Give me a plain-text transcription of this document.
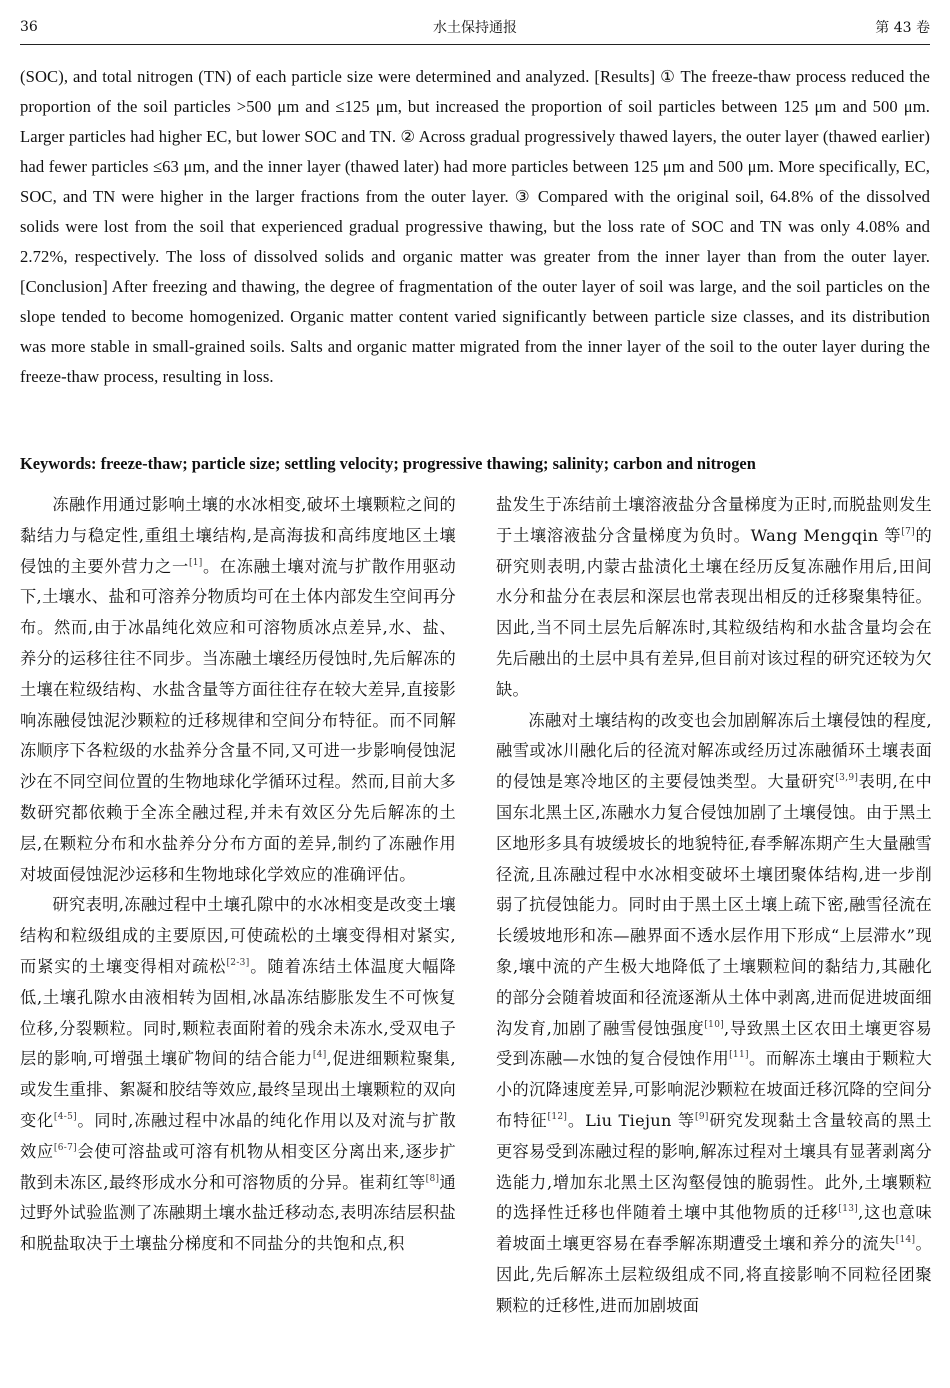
36	水土保持通报	第 43 卷
(SOC), and total nitrogen (TN) of each particle size were determined and analyzed. [Results] ① The freeze-thaw process reduced the proportion of the soil particles >500 μm and ≤125 μm, but increased the proportion of soil particles between 125 μm and 500 μm. Larger particles had higher EC, but lower SOC and TN. ② Across gradual progressively thawed layers, the outer layer (thawed earlier) had fewer particles ≤63 μm, and the inner layer (thawed later) had more particles between 125 μm and 500 μm. More specifically, EC, SOC, and TN were higher in the larger fractions from the outer layer. ③ Compared with the original soil, 64.8% of the dissolved solids were lost from the soil that experienced gradual progressive thawing, but the loss rate of SOC and TN was only 4.08% and 2.72%, respectively. The loss of dissolved solids and organic matter was greater from the inner layer than from the outer layer. [Conclusion] After freezing and thawing, the degree of fragmentation of the outer layer of soil was large, and the soil particles on the slope tended to become homogenized. Organic matter content varied significantly between particle size classes, and its distribution was more stable in small-grained soils. Salts and organic matter migrated from the inner layer of the soil to the outer layer during the freeze-thaw process, resulting in loss.
Keywords: freeze-thaw; particle size; settling velocity; progressive thawing; salinity; carbon and nitrogen

冻融作用通过影响土壤的水冰相变,破坏土壤颗粒之间的黏结力与稳定性,重组土壤结构,是高海拔和高纬度地区土壤侵蚀的主要外营力之一[1]。在冻融土壤对流与扩散作用驱动下,土壤水、盐和可溶养分物质均可在土体内部发生空间再分布。然而,由于冰晶纯化效应和可溶物质冰点差异,水、盐、养分的运移往往不同步。当冻融土壤经历侵蚀时,先后解冻的土壤在粒级结构、水盐含量等方面往往存在较大差异,直接影响冻融侵蚀泥沙颗粒的迁移规律和空间分布特征。而不同解冻顺序下各粒级的水盐养分含量不同,又可进一步影响侵蚀泥沙在不同空间位置的生物地球化学循环过程。然而,目前大多数研究都依赖于全冻全融过程,并未有效区分先后解冻的土层,在颗粒分布和水盐养分分布方面的差异,制约了冻融作用对坡面侵蚀泥沙运移和生物地球化学效应的准确评估。

研究表明,冻融过程中土壤孔隙中的水冰相变是改变土壤结构和粒级组成的主要原因,可使疏松的土壤变得相对紧实,而紧实的土壤变得相对疏松[2-3]。随着冻结土体温度大幅降低,土壤孔隙水由液相转为固相,冰晶冻结膨胀发生不可恢复位移,分裂颗粒。同时,颗粒表面附着的残余未冻水,受双电子层的影响,可增强土壤矿物间的结合能力[4],促进细颗粒聚集,或发生重排、絮凝和胶结等效应,最终呈现出土壤颗粒的双向变化[4-5]。同时,冻融过程中冰晶的纯化作用以及对流与扩散效应[6-7]会使可溶盐或可溶有机物从相变区分离出来,逐步扩散到未冻区,最终形成水分和可溶物质的分异。崔莉红等[8]通过野外试验监测了冻融期土壤水盐迁移动态,表明冻结层积盐和脱盐取决于土壤盐分梯度和不同盐分的共饱和点,积

盐发生于冻结前土壤溶液盐分含量梯度为正时,而脱盐则发生于土壤溶液盐分含量梯度为负时。Wang Mengqin 等[7]的研究则表明,内蒙古盐渍化土壤在经历反复冻融作用后,田间水分和盐分在表层和深层也常表现出相反的迁移聚集特征。因此,当不同土层先后解冻时,其粒级结构和水盐含量均会在先后融出的土层中具有差异,但目前对该过程的研究还较为欠缺。

冻融对土壤结构的改变也会加剧解冻后土壤侵蚀的程度,融雪或冰川融化后的径流对解冻或经历过冻融循环土壤表面的侵蚀是寒冷地区的主要侵蚀类型。大量研究[3,9]表明,在中国东北黑土区,冻融水力复合侵蚀加剧了土壤侵蚀。由于黑土区地形多具有坡缓坡长的地貌特征,春季解冻期产生大量融雪径流,且冻融过程中水冰相变破坏土壤团聚体结构,进一步削弱了抗侵蚀能力。同时由于黑土区土壤上疏下密,融雪径流在长缓坡地形和冻—融界面不透水层作用下形成“上层滞水”现象,壤中流的产生极大地降低了土壤颗粒间的黏结力,其融化的部分会随着坡面和径流逐渐从土体中剥离,进而促进坡面细沟发育,加剧了融雪侵蚀强度[10],导致黑土区农田土壤更容易受到冻融—水蚀的复合侵蚀作用[11]。而解冻土壤由于颗粒大小的沉降速度差异,可影响泥沙颗粒在坡面迁移沉降的空间分布特征[12]。Liu Tiejun 等[9]研究发现黏土含量较高的黑土更容易受到冻融过程的影响,解冻过程对土壤具有显著剥离分选能力,增加东北黑土区沟壑侵蚀的脆弱性。此外,土壤颗粒的选择性迁移也伴随着土壤中其他物质的迁移[13],这也意味着坡面土壤更容易在春季解冻期遭受土壤和养分的流失[14]。因此,先后解冻土层粒级组成不同,将直接影响不同粒径团聚颗粒的迁移性,进而加剧坡面
